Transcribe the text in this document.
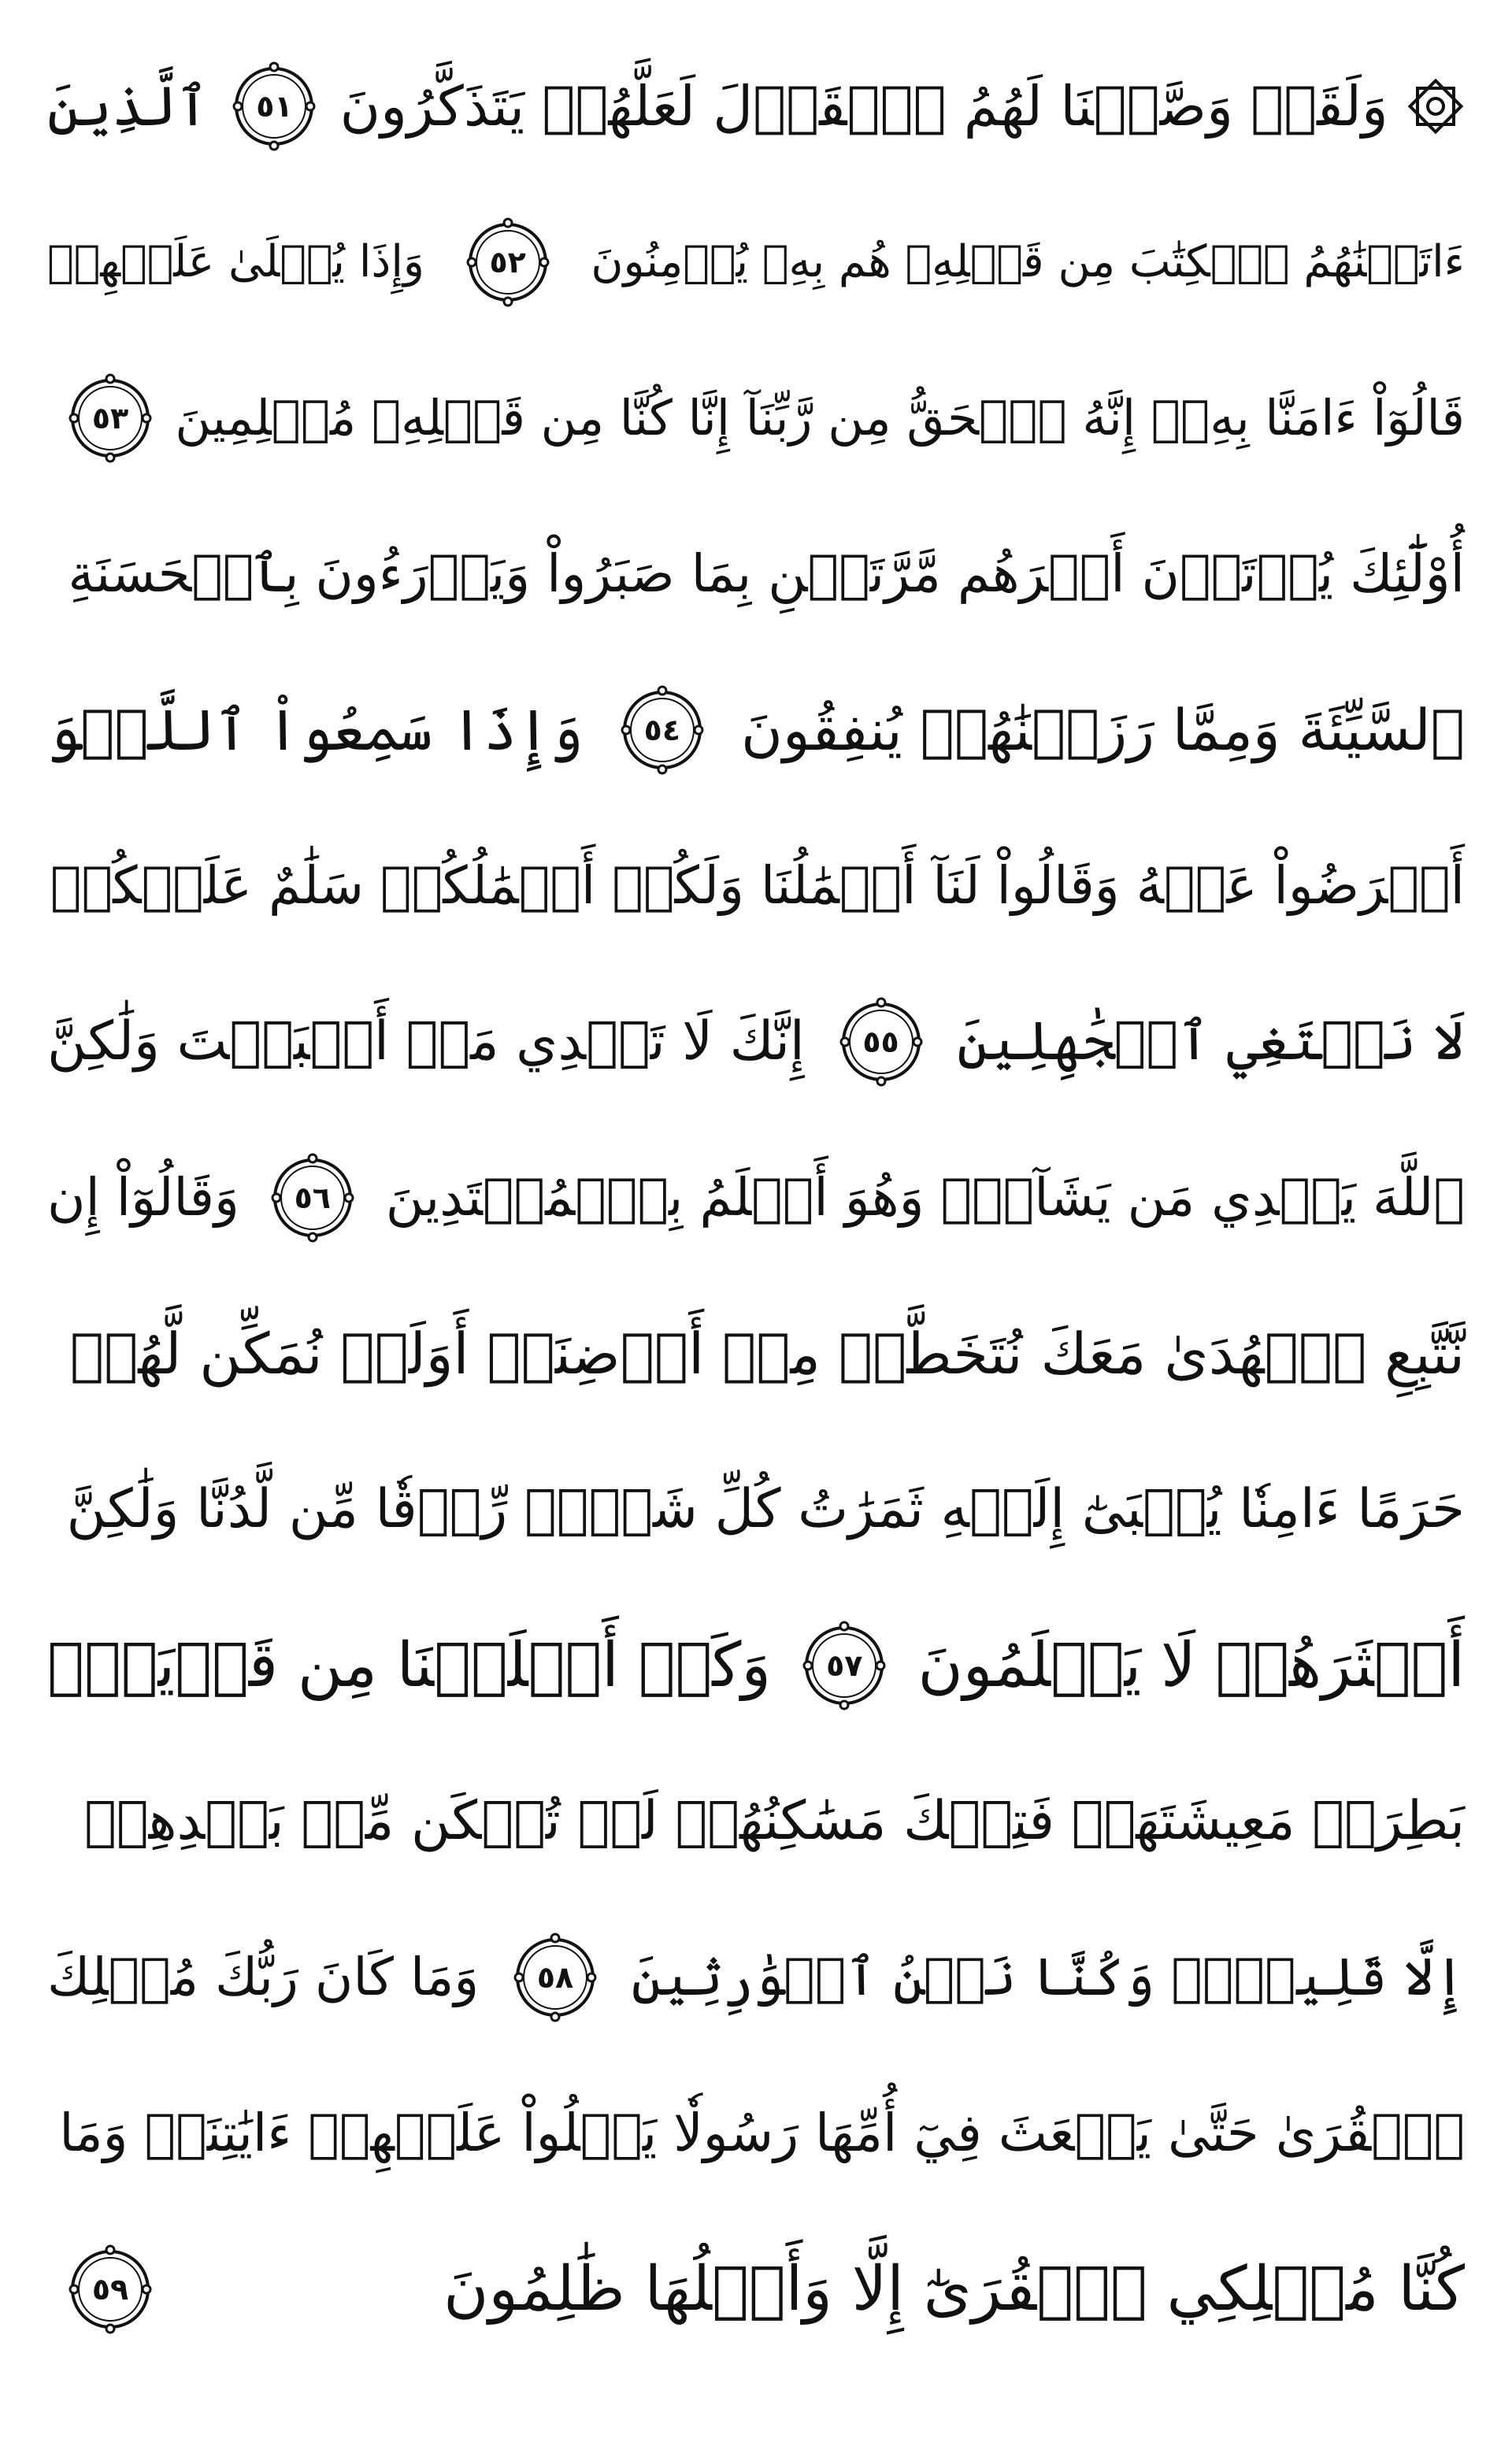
وَلَقَدۡ وَصَّلۡنَا لَهُمُ ٱلۡقَوۡلَ لَعَلَّهُمۡ يَتَذَكَّرُونَ
٥١
ٱلَّذِينَ
ءَاتَيۡنَٰهُمُ ٱلۡكِتَٰبَ مِن قَبۡلِهِۦ هُم بِهِۦ يُؤۡمِنُونَ
٥٢
وَإِذَا يُتۡلَىٰ عَلَيۡهِمۡ
قَالُوٓاْ ءَامَنَّا بِهِۦٓ إِنَّهُ ٱلۡحَقُّ مِن رَّبِّنَآ إِنَّا كُنَّا مِن قَبۡلِهِۦ مُسۡلِمِينَ
٥٣
أُوْلَٰٓئِكَ يُؤۡتَوۡنَ أَجۡرَهُم مَّرَّتَيۡنِ بِمَا صَبَرُواْ وَيَدۡرَءُونَ بِٱلۡحَسَنَةِ
ٱلسَّيِّئَةَ وَمِمَّا رَزَقۡنَٰهُمۡ يُنفِقُونَ
٥٤
وَإِذَا سَمِعُواْ ٱللَّغۡوَ
أَعۡرَضُواْ عَنۡهُ وَقَالُواْ لَنَآ أَعۡمَٰلُنَا وَلَكُمۡ أَعۡمَٰلُكُمۡ سَلَٰمٌ عَلَيۡكُمۡ
لَا نَبۡتَغِي ٱلۡجَٰهِلِينَ
٥٥
إِنَّكَ لَا تَهۡدِي مَنۡ أَحۡبَبۡتَ وَلَٰكِنَّ
ٱللَّهَ يَهۡدِي مَن يَشَآءُۚ وَهُوَ أَعۡلَمُ بِٱلۡمُهۡتَدِينَ
٥٦
وَقَالُوٓاْ إِن
نَّتَّبِعِ ٱلۡهُدَىٰ مَعَكَ نُتَخَطَّفۡ مِنۡ أَرۡضِنَآۚ أَوَلَمۡ نُمَكِّن لَّهُمۡ
حَرَمًا ءَامِنٗا يُجۡبَىٰٓ إِلَيۡهِ ثَمَرَٰتُ كُلِّ شَيۡءٖ رِّزۡقٗا مِّن لَّدُنَّا وَلَٰكِنَّ
أَكۡثَرَهُمۡ لَا يَعۡلَمُونَ
٥٧
وَكَمۡ أَهۡلَكۡنَا مِن قَرۡيَةِۭ
بَطِرَتۡ مَعِيشَتَهَاۖ فَتِلۡكَ مَسَٰكِنُهُمۡ لَمۡ تُسۡكَن مِّنۢ بَعۡدِهِمۡ
إِلَّا قَلِيلٗاۖ وَكُنَّا نَحۡنُ ٱلۡوَٰرِثِينَ
٥٨
وَمَا كَانَ رَبُّكَ مُهۡلِكَ
ٱلۡقُرَىٰ حَتَّىٰ يَبۡعَثَ فِيٓ أُمِّهَا رَسُولٗا يَتۡلُواْ عَلَيۡهِمۡ ءَايَٰتِنَاۚ وَمَا
كُنَّا مُهۡلِكِي ٱلۡقُرَىٰٓ إِلَّا وَأَهۡلُهَا ظَٰلِمُونَ
٥٩
